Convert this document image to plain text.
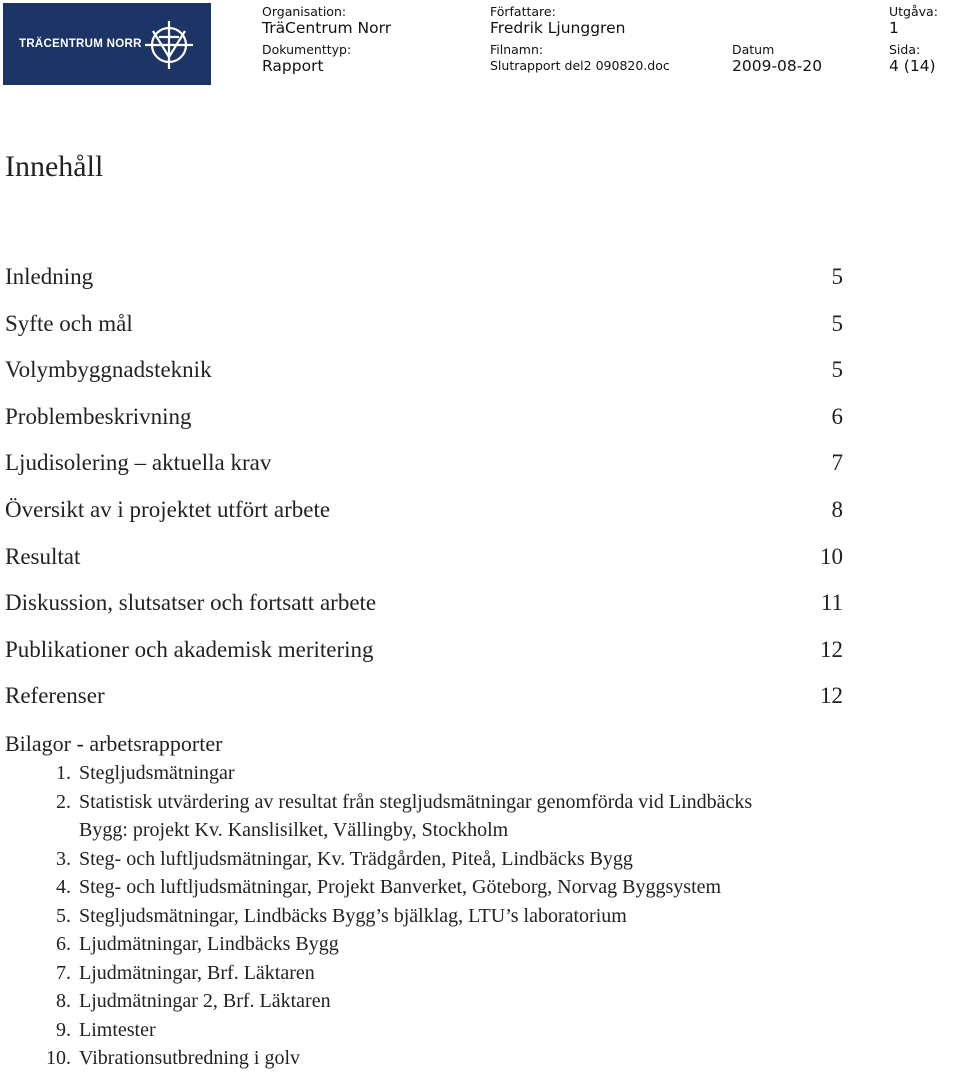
TRÄCENTRUM NORR
Organisation:
TräCentrum Norr
Författare:
Fredrik Ljunggren
Utgåva:
1
Dokumenttyp:
Rapport
Filnamn:
Slutrapport del2 090820.doc
Datum
2009-08-20
Sida:
4 (14)
Innehåll
Inledning	5
Syfte och mål	5
Volymbyggnadsteknik	5
Problembeskrivning	6
Ljudisolering – aktuella krav	7
Översikt av i projektet utfört arbete	8
Resultat	10
Diskussion, slutsatser och fortsatt arbete	11
Publikationer och akademisk meritering	12
Referenser	12
Bilagor - arbetsrapporter
1. Stegljudsmätningar
2. Statistisk utvärdering av resultat från stegljudsmätningar genomförda vid Lindbäcks
Bygg: projekt Kv. Kanslisilket, Vällingby, Stockholm
3. Steg- och luftljudsmätningar, Kv. Trädgården, Piteå, Lindbäcks Bygg
4. Steg- och luftljudsmätningar, Projekt Banverket, Göteborg, Norvag Byggsystem
5. Stegljudsmätningar, Lindbäcks Bygg’s bjälklag, LTU’s laboratorium
6. Ljudmätningar, Lindbäcks Bygg
7. Ljudmätningar, Brf. Läktaren
8. Ljudmätningar 2, Brf. Läktaren
9. Limtester
10. Vibrationsutbredning i golv
